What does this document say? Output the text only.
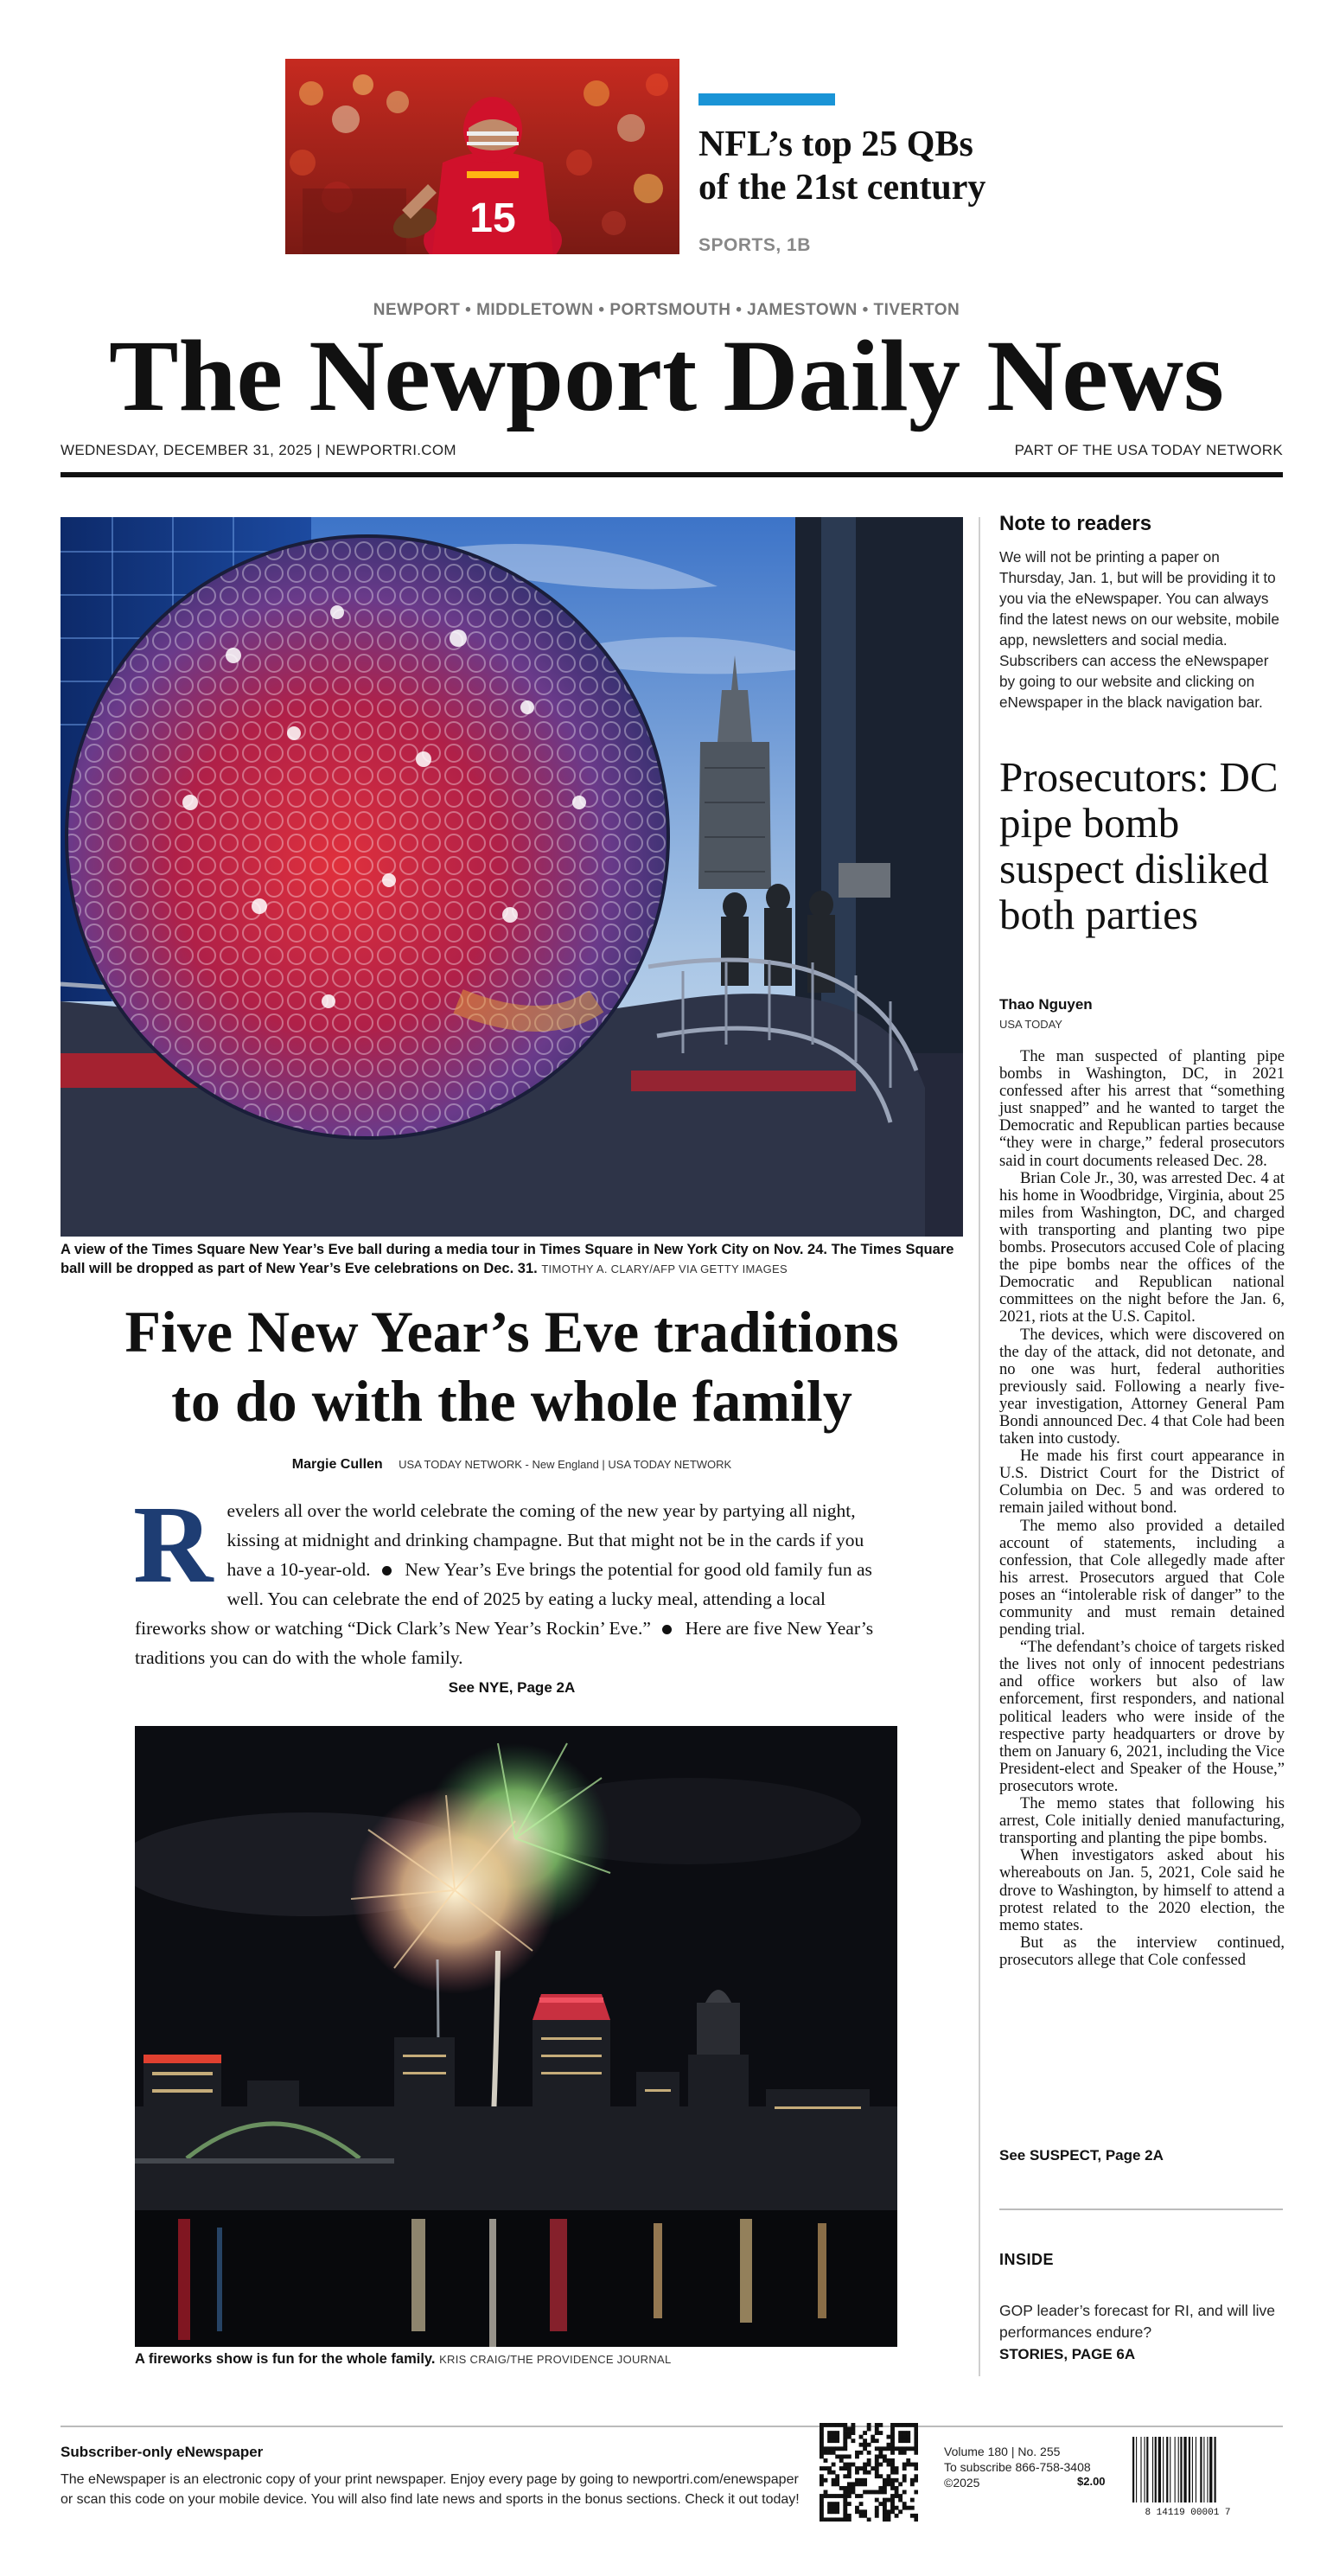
15
NFL’s top 25 QBs
of the 21st century
SPORTS, 1B
NEWPORT • MIDDLETOWN • PORTSMOUTH • JAMESTOWN • TIVERTON
The Newport Daily News
WEDNESDAY, DECEMBER 31, 2025 | NEWPORTRI.COM	PART OF THE USA TODAY NETWORK
A view of the Times Square New Year’s Eve ball during a media tour in Times Square in New York City on Nov. 24. The Times Square ball will be dropped as part of New Year’s Eve celebrations on Dec. 31. TIMOTHY A. CLARY/AFP VIA GETTY IMAGES
Five New Year’s Eve traditions
to do with the whole family
Margie Cullen USA TODAY NETWORK - New England | USA TODAY NETWORK
R evelers all over the world celebrate the coming of the new year by partying all night, kissing at midnight and drinking champagne. But that might not be in the cards if you have a 10-year-old. New Year’s Eve brings the potential for good old family fun as well. You can celebrate the end of 2025 by eating a lucky meal, attending a local fireworks show or watching “Dick Clark’s New Year’s Rockin’ Eve.” Here are five New Year’s traditions you can do with the whole family.
See NYE, Page 2A
A fireworks show is fun for the whole family. KRIS CRAIG/THE PROVIDENCE JOURNAL
Note to readers
We will not be printing a paper on Thursday, Jan. 1, but will be providing it to you via the eNewspaper. You can always find the latest news on our website, mobile app, newsletters and social media. Subscribers can access the eNewspaper by going to our website and clicking on eNewspaper in the black navigation bar.
Prosecutors: DC pipe bomb suspect disliked both parties
Thao Nguyen
USA TODAY

The man suspected of planting pipe bombs in Washington, DC, in 2021 confessed after his arrest that “something just snapped” and he wanted to target the Democratic and Republican parties because “they were in charge,” federal prosecutors said in court documents released Dec. 28.

Brian Cole Jr., 30, was arrested Dec. 4 at his home in Woodbridge, Virginia, about 25 miles from Washington, DC, and charged with transporting and planting two pipe bombs. Prosecutors accused Cole of placing the pipe bombs near the offices of the Democratic and Republican national committees on the night before the Jan. 6, 2021, riots at the U.S. Capitol.

The devices, which were discovered on the day of the attack, did not detonate, and no one was hurt, federal authorities previously said. Following a nearly five-year investigation, Attorney General Pam Bondi announced Dec. 4 that Cole had been taken into custody.

He made his first court appearance in U.S. District Court for the District of Columbia on Dec. 5 and was ordered to remain jailed without bond.

The memo also provided a detailed account of statements, including a confession, that Cole allegedly made after his arrest. Prosecutors argued that Cole poses an “intolerable risk of danger” to the community and must remain detained pending trial.

“The defendant’s choice of targets risked the lives not only of innocent pedestrians and office workers but also of law enforcement, first responders, and national political leaders who were inside of the respective party headquarters or drove by them on January 6, 2021, including the Vice President-elect and Speaker of the House,” prosecutors wrote.

The memo states that following his arrest, Cole initially denied manufacturing, transporting and planting the pipe bombs.

When investigators asked about his whereabouts on Jan. 5, 2021, Cole said he drove to Washington, by himself to attend a protest related to the 2020 election, the memo states.

But as the interview continued, prosecutors allege that Cole confessed

See SUSPECT, Page 2A
INSIDE
GOP leader’s forecast for RI, and will live performances endure?
STORIES, PAGE 6A
Subscriber-only eNewspaper
The eNewspaper is an electronic copy of your print newspaper. Enjoy every page by going to newportri.com/enewspaper or scan this code on your mobile device. You will also find late news and sports in the bonus sections. Check it out today!
Volume 180 | No. 255
To subscribe 866-758-3408
©2025	$2.00
8 14119 00001 7
